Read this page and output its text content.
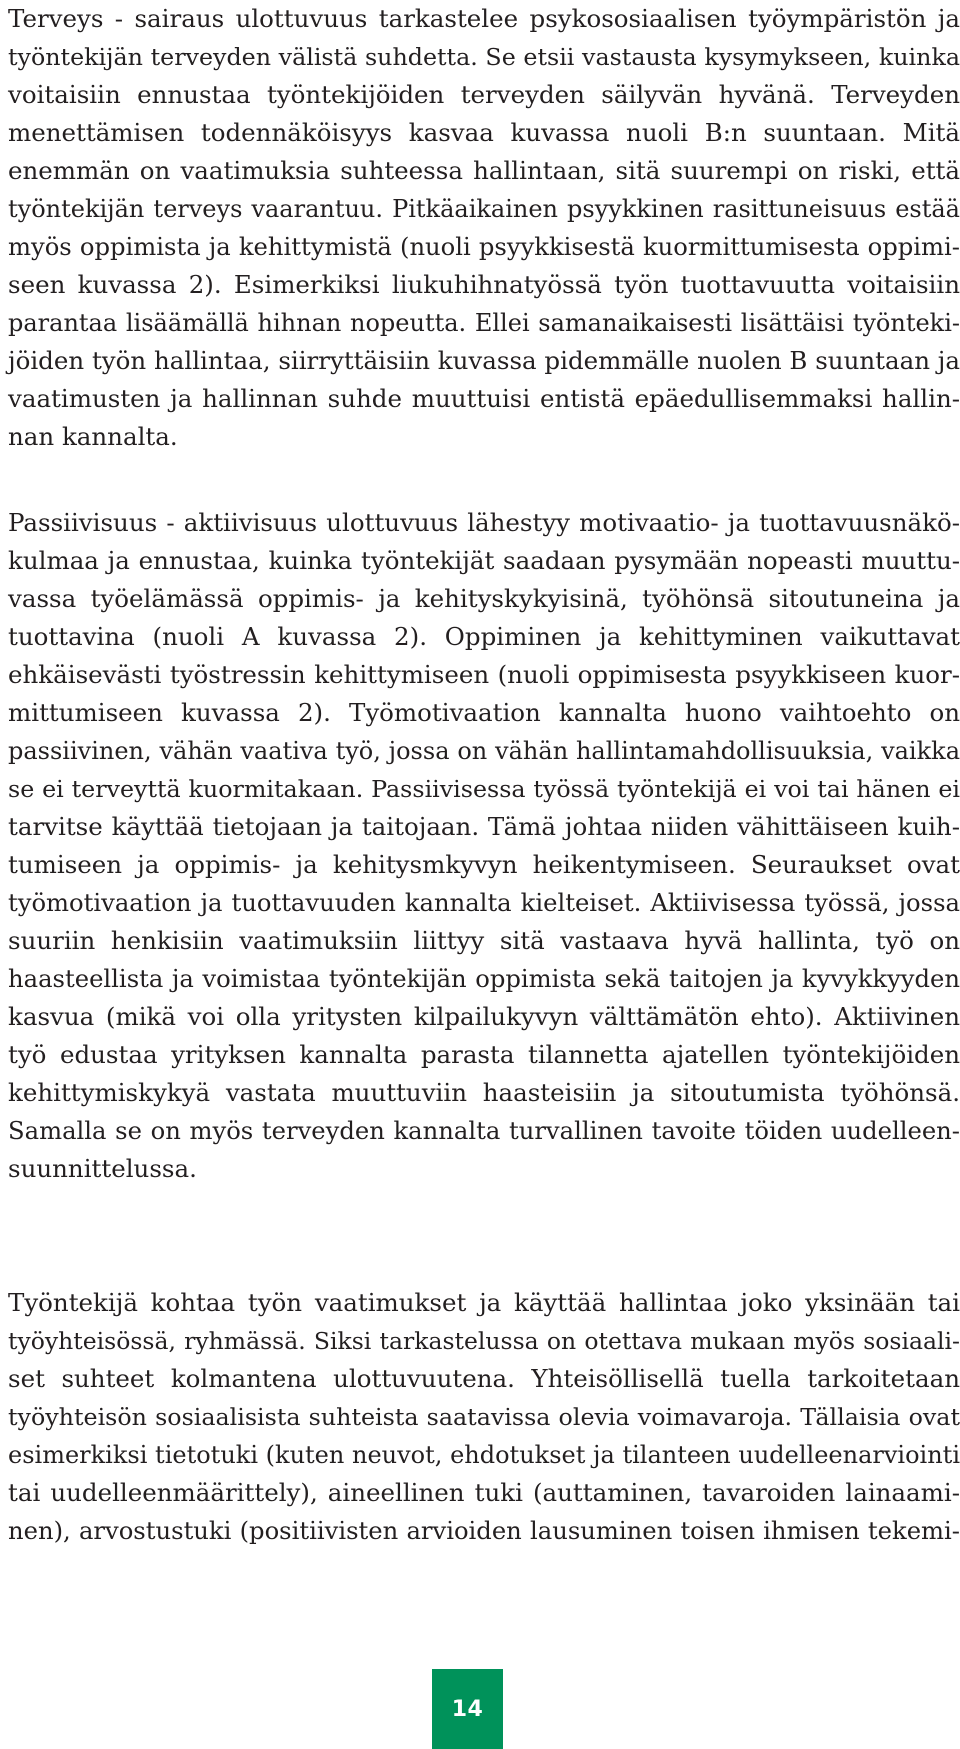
Terveys - sairaus ulottuvuus tarkastelee psykososiaalisen työympäristön ja
työntekijän terveyden välistä suhdetta. Se etsii vastausta kysymykseen, kuinka
voitaisiin ennustaa työntekijöiden terveyden säilyvän hyvänä. Terveyden
menettämisen todennäköisyys kasvaa kuvassa nuoli B:n suuntaan. Mitä
enemmän on vaatimuksia suhteessa hallintaan, sitä suurempi on riski, että
työntekijän terveys vaarantuu. Pitkäaikainen psyykkinen rasittuneisuus estää
myös oppimista ja kehittymistä (nuoli psyykkisestä kuormittumisesta oppimi-
seen kuvassa 2). Esimerkiksi liukuhihnatyössä työn tuottavuutta voitaisiin
parantaa lisäämällä hihnan nopeutta. Ellei samanaikaisesti lisättäisi työnteki-
jöiden työn hallintaa, siirryttäisiin kuvassa pidemmälle nuolen B suuntaan ja
vaatimusten ja hallinnan suhde muuttuisi entistä epäedullisemmaksi hallin-
nan kannalta.
Passiivisuus - aktiivisuus ulottuvuus lähestyy motivaatio- ja tuottavuusnäkö-
kulmaa ja ennustaa, kuinka työntekijät saadaan pysymään nopeasti muuttu-
vassa työelämässä oppimis- ja kehityskykyisinä, työhönsä sitoutuneina ja
tuottavina (nuoli A kuvassa 2). Oppiminen ja kehittyminen vaikuttavat
ehkäisevästi työstressin kehittymiseen (nuoli oppimisesta psyykkiseen kuor-
mittumiseen kuvassa 2). Työmotivaation kannalta huono vaihtoehto on
passiivinen, vähän vaativa työ, jossa on vähän hallintamahdollisuuksia, vaikka
se ei terveyttä kuormitakaan. Passiivisessa työssä työntekijä ei voi tai hänen ei
tarvitse käyttää tietojaan ja taitojaan. Tämä johtaa niiden vähittäiseen kuih-
tumiseen ja oppimis- ja kehitysmkyvyn heikentymiseen. Seuraukset ovat
työmotivaation ja tuottavuuden kannalta kielteiset. Aktiivisessa työssä, jossa
suuriin henkisiin vaatimuksiin liittyy sitä vastaava hyvä hallinta, työ on
haasteellista ja voimistaa työntekijän oppimista sekä taitojen ja kyvykkyyden
kasvua (mikä voi olla yritysten kilpailukyvyn välttämätön ehto). Aktiivinen
työ edustaa yrityksen kannalta parasta tilannetta ajatellen työntekijöiden
kehittymiskykyä vastata muuttuviin haasteisiin ja sitoutumista työhönsä.
Samalla se on myös terveyden kannalta turvallinen tavoite töiden uudelleen-
suunnittelussa.
Työntekijä kohtaa työn vaatimukset ja käyttää hallintaa joko yksinään tai
työyhteisössä, ryhmässä. Siksi tarkastelussa on otettava mukaan myös sosiaali-
set suhteet kolmantena ulottuvuutena. Yhteisöllisellä tuella tarkoitetaan
työyhteisön sosiaalisista suhteista saatavissa olevia voimavaroja. Tällaisia ovat
esimerkiksi tietotuki (kuten neuvot, ehdotukset ja tilanteen uudelleenarviointi
tai uudelleenmäärittely), aineellinen tuki (auttaminen, tavaroiden lainaami-
nen), arvostustuki (positiivisten arvioiden lausuminen toisen ihmisen tekemi-
14
